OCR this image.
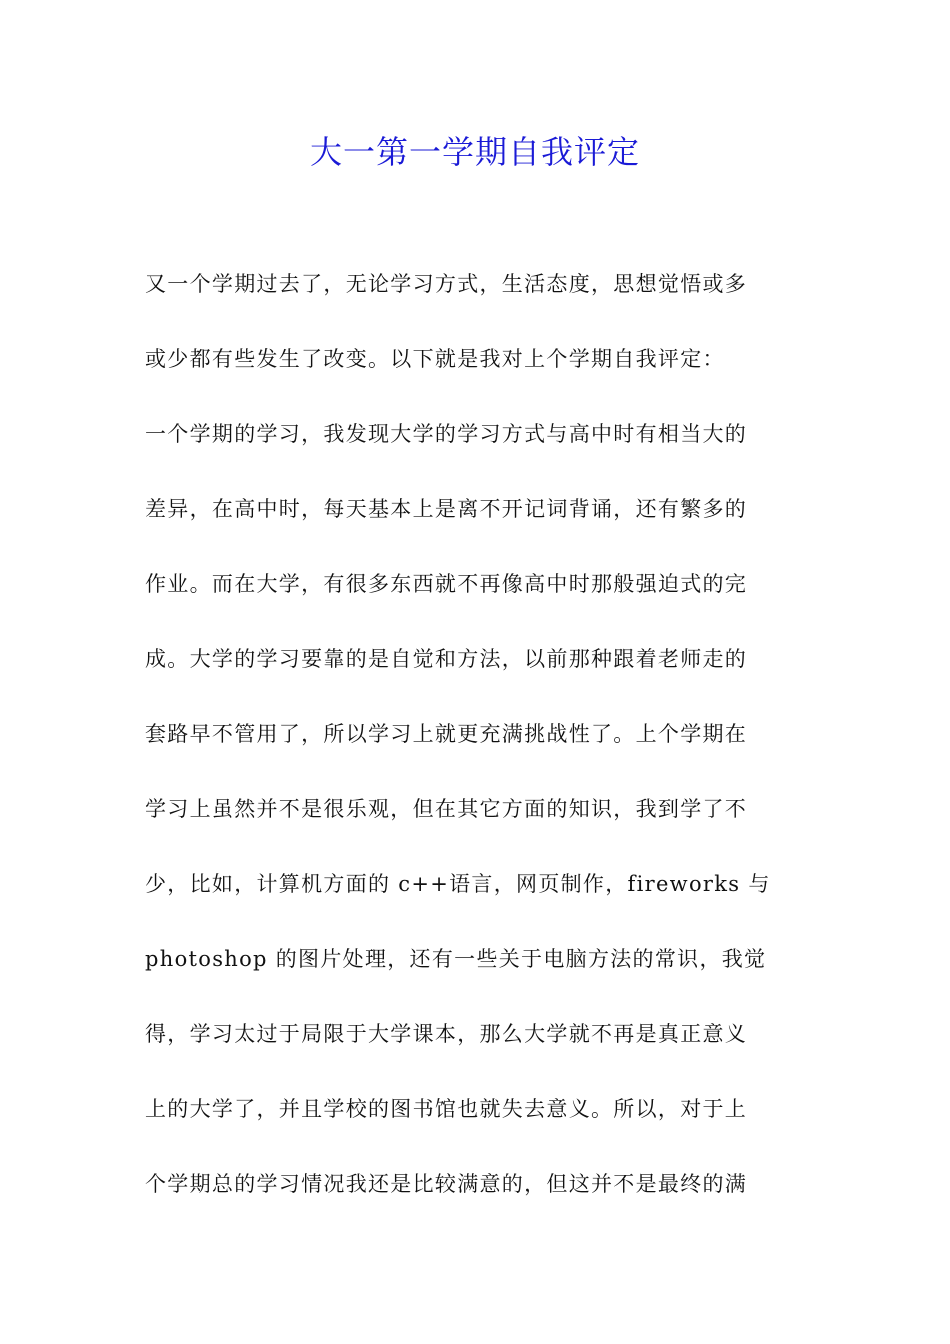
大一第一学期自我评定
又一个学期过去了，无论学习方式，生活态度，思想觉悟或多
或少都有些发生了改变。以下就是我对上个学期自我评定：
一个学期的学习，我发现大学的学习方式与高中时有相当大的
差异，在高中时，每天基本上是离不开记词背诵，还有繁多的
作业。而在大学，有很多东西就不再像高中时那般强迫式的完
成。大学的学习要靠的是自觉和方法，以前那种跟着老师走的
套路早不管用了，所以学习上就更充满挑战性了。上个学期在
学习上虽然并不是很乐观，但在其它方面的知识，我到学了不
少，比如，计算机方面的 c++语言，网页制作，fireworks 与
photoshop 的图片处理，还有一些关于电脑方法的常识，我觉
得，学习太过于局限于大学课本，那么大学就不再是真正意义
上的大学了，并且学校的图书馆也就失去意义。所以，对于上
个学期总的学习情况我还是比较满意的，但这并不是最终的满
